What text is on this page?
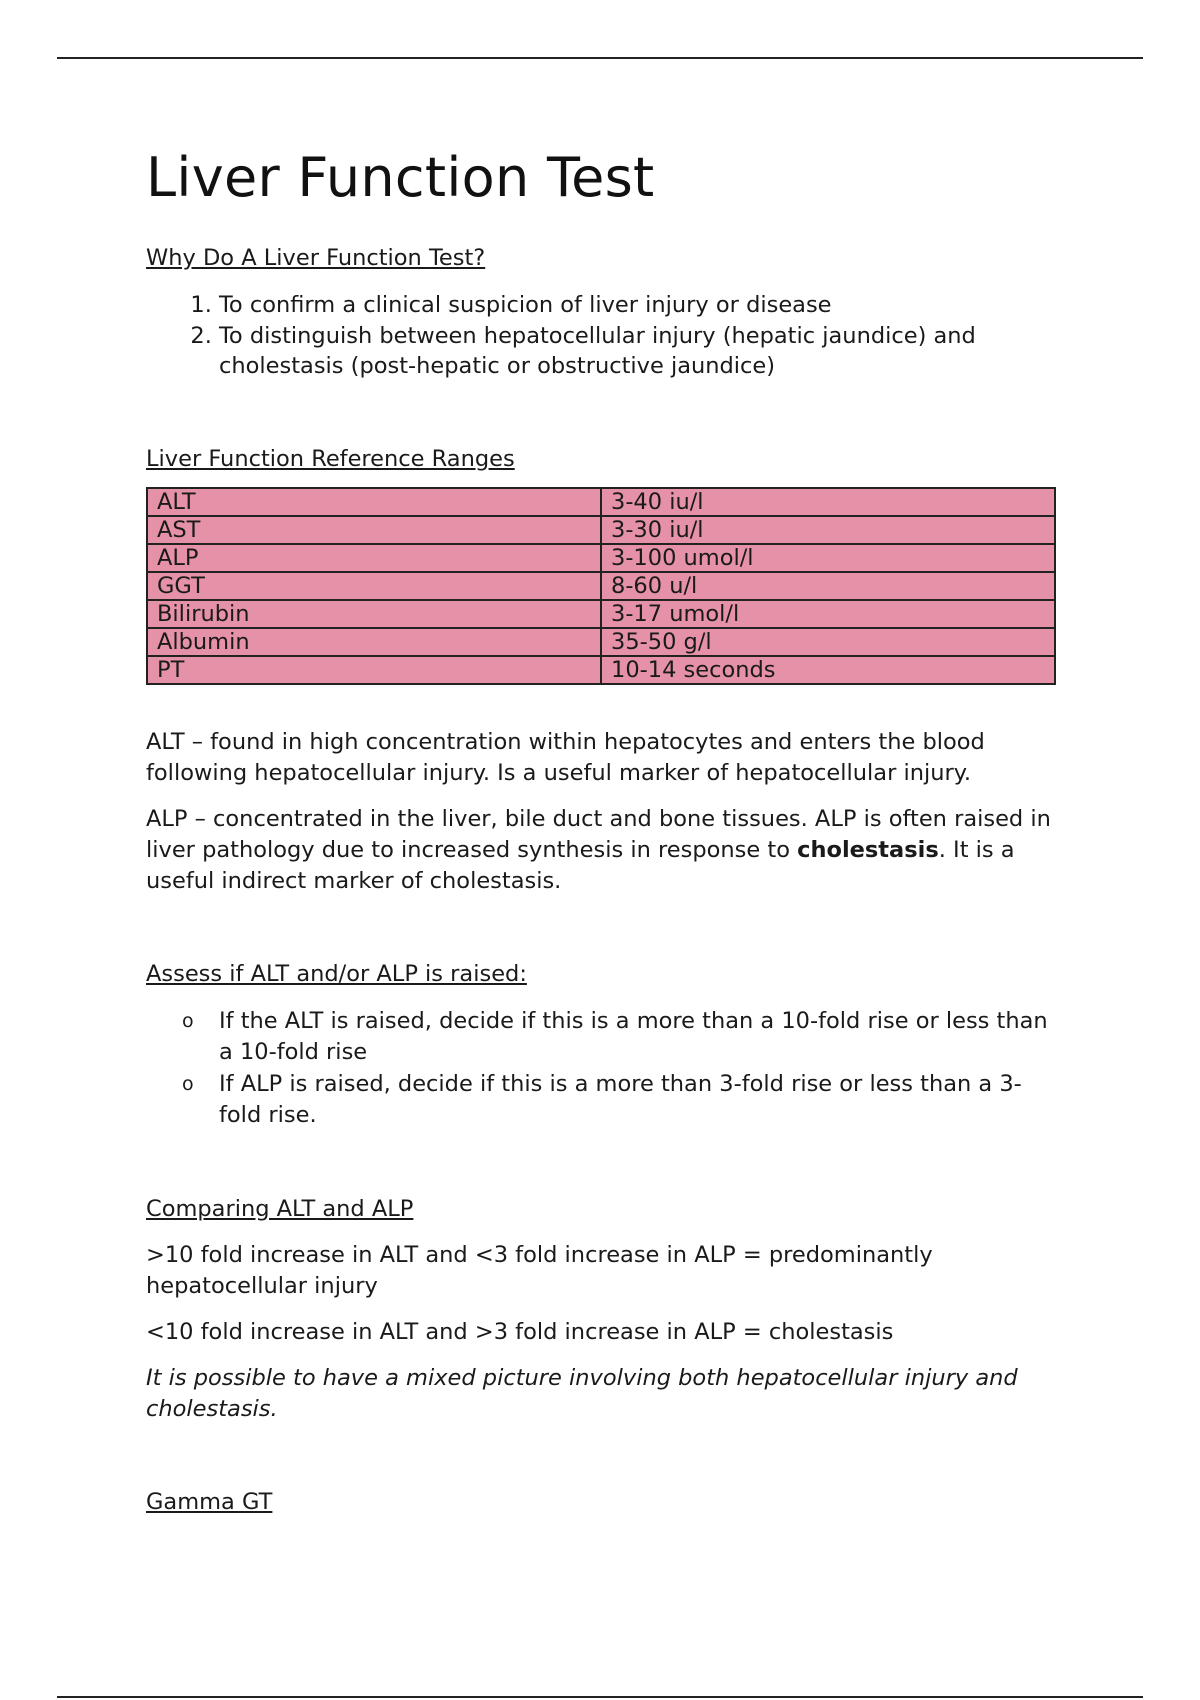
Liver Function Test

Why Do A Liver Function Test?

1. To confirm a clinical suspicion of liver injury or disease
2. To distinguish between hepatocellular injury (hepatic jaundice) and cholestasis (post-hepatic or obstructive jaundice)

Liver Function Reference Ranges

ALT	3-40 iu/l
AST	3-30 iu/l
ALP	3-100 umol/l
GGT	8-60 u/l
Bilirubin	3-17 umol/l
Albumin	35-50 g/l
PT	10-14 seconds

ALT – found in high concentration within hepatocytes and enters the blood following hepatocellular injury. Is a useful marker of hepatocellular injury.

ALP – concentrated in the liver, bile duct and bone tissues. ALP is often raised in liver pathology due to increased synthesis in response to cholestasis. It is a useful indirect marker of cholestasis.

Assess if ALT and/or ALP is raised:

o If the ALT is raised, decide if this is a more than a 10-fold rise or less than a 10-fold rise
o If ALP is raised, decide if this is a more than 3-fold rise or less than a 3-fold rise.

Comparing ALT and ALP

>10 fold increase in ALT and <3 fold increase in ALP = predominantly hepatocellular injury

<10 fold increase in ALT and >3 fold increase in ALP = cholestasis

It is possible to have a mixed picture involving both hepatocellular injury and cholestasis.

Gamma GT
